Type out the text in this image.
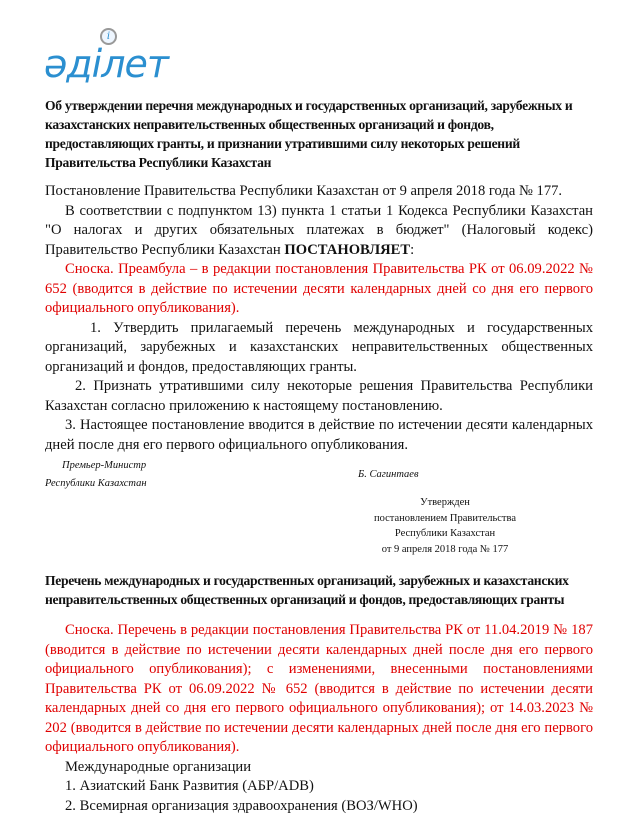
i
әділет
Об утверждении перечня международных и государственных организаций, зарубежных и казахстанских неправительственных общественных организаций и фондов, предоставляющих гранты, и признании утратившими силу некоторых решений Правительства Республики Казахстан

Постановление Правительства Республики Казахстан от 9 апреля 2018 года № 177.

В соответствии с подпунктом 13) пункта 1 статьи 1 Кодекса Республики Казахстан "О налогах и других обязательных платежах в бюджет" (Налоговый кодекс) Правительство Республики Казахстан ПОСТАНОВЛЯЕТ:

Сноска. Преамбула – в редакции постановления Правительства РК от 06.09.2022 № 652 (вводится в действие по истечении десяти календарных дней со дня его первого официального опубликования).

1. Утвердить прилагаемый перечень международных и государственных организаций, зарубежных и казахстанских неправительственных общественных организаций и фондов, предоставляющих гранты.

2. Признать утратившими силу некоторые решения Правительства Республики Казахстан согласно приложению к настоящему постановлению.

3. Настоящее постановление вводится в действие по истечении десяти календарных дней после дня его первого официального опубликования.

Премьер-Министр
Республики Казахстан
Б. Сагинтаев
Утвержден
постановлением Правительства
Республики Казахстан
от 9 апреля 2018 года № 177
Перечень международных и государственных организаций, зарубежных и казахстанских неправительственных общественных организаций и фондов, предоставляющих гранты

Сноска. Перечень в редакции постановления Правительства РК от 11.04.2019 № 187 (вводится в действие по истечении десяти календарных дней после дня его первого официального опубликования); с изменениями, внесенными постановлениями Правительства РК от 06.09.2022 № 652 (вводится в действие по истечении десяти календарных дней со дня его первого официального опубликования); от 14.03.2023 № 202 (вводится в действие по истечении десяти календарных дней после дня его первого официального опубликования).

Международные организации

1. Азиатский Банк Развития (АБР/ADB)

2. Всемирная организация здравоохранения (ВОЗ/WHO)
